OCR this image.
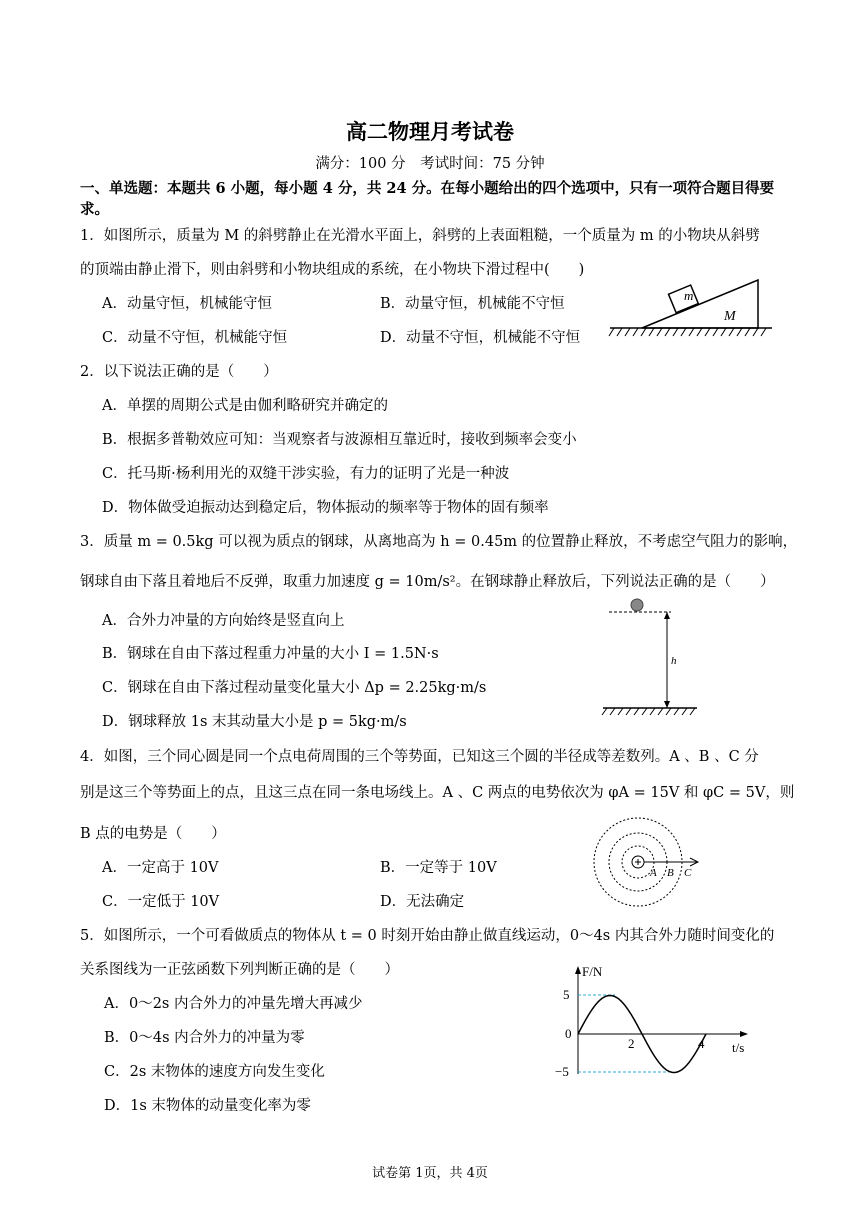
高二物理月考试卷
满分：100 分　考试时间：75 分钟
一、单选题：本题共 6 小题，每小题 4 分，共 24 分。在每小题给出的四个选项中，只有一项符合题目得要求。
1．如图所示，质量为 M 的斜劈静止在光滑水平面上，斜劈的上表面粗糙，一个质量为 m 的小物块从斜劈
的顶端由静止滑下，则由斜劈和小物块组成的系统，在小物块下滑过程中(　　)
A．动量守恒，机械能守恒	B．动量守恒，机械能不守恒
C．动量不守恒，机械能守恒	D．动量不守恒，机械能不守恒
m
M
2．以下说法正确的是（　　）
A．单摆的周期公式是由伽利略研究并确定的
B．根据多普勒效应可知：当观察者与波源相互靠近时，接收到频率会变小
C．托马斯·杨利用光的双缝干涉实验，有力的证明了光是一种波
D．物体做受迫振动达到稳定后，物体振动的频率等于物体的固有频率
3．质量 m = 0.5kg 可以视为质点的钢球，从离地高为 h = 0.45m 的位置静止释放，不考虑空气阻力的影响，
钢球自由下落且着地后不反弹，取重力加速度 g = 10m/s²。在钢球静止释放后，下列说法正确的是（　　）
A．合外力冲量的方向始终是竖直向上
B．钢球在自由下落过程重力冲量的大小 I = 1.5N·s
C．钢球在自由下落过程动量变化量大小 Δp = 2.25kg·m/s
D．钢球释放 1s 末其动量大小是 p = 5kg·m/s
h
4．如图，三个同心圆是同一个点电荷周围的三个等势面，已知这三个圆的半径成等差数列。A 、B 、C 分
别是这三个等势面上的点，且这三点在同一条电场线上。A 、C 两点的电势依次为 φA = 15V 和 φC = 5V，则
B 点的电势是（　　）
A．一定高于 10V	B．一定等于 10V
C．一定低于 10V	D．无法确定
A B C
5．如图所示，一个可看做质点的物体从 t = 0 时刻开始由静止做直线运动，0～4s 内其合外力随时间变化的
关系图线为一正弦函数下列判断正确的是（　　）
A．0～2s 内合外力的冲量先增大再减少
B．0～4s 内合外力的冲量为零
C．2s 末物体的速度方向发生变化
D．1s 末物体的动量变化率为零
F/N
t/s
5
0
2	4
−5
试卷第 1页，共 4页
